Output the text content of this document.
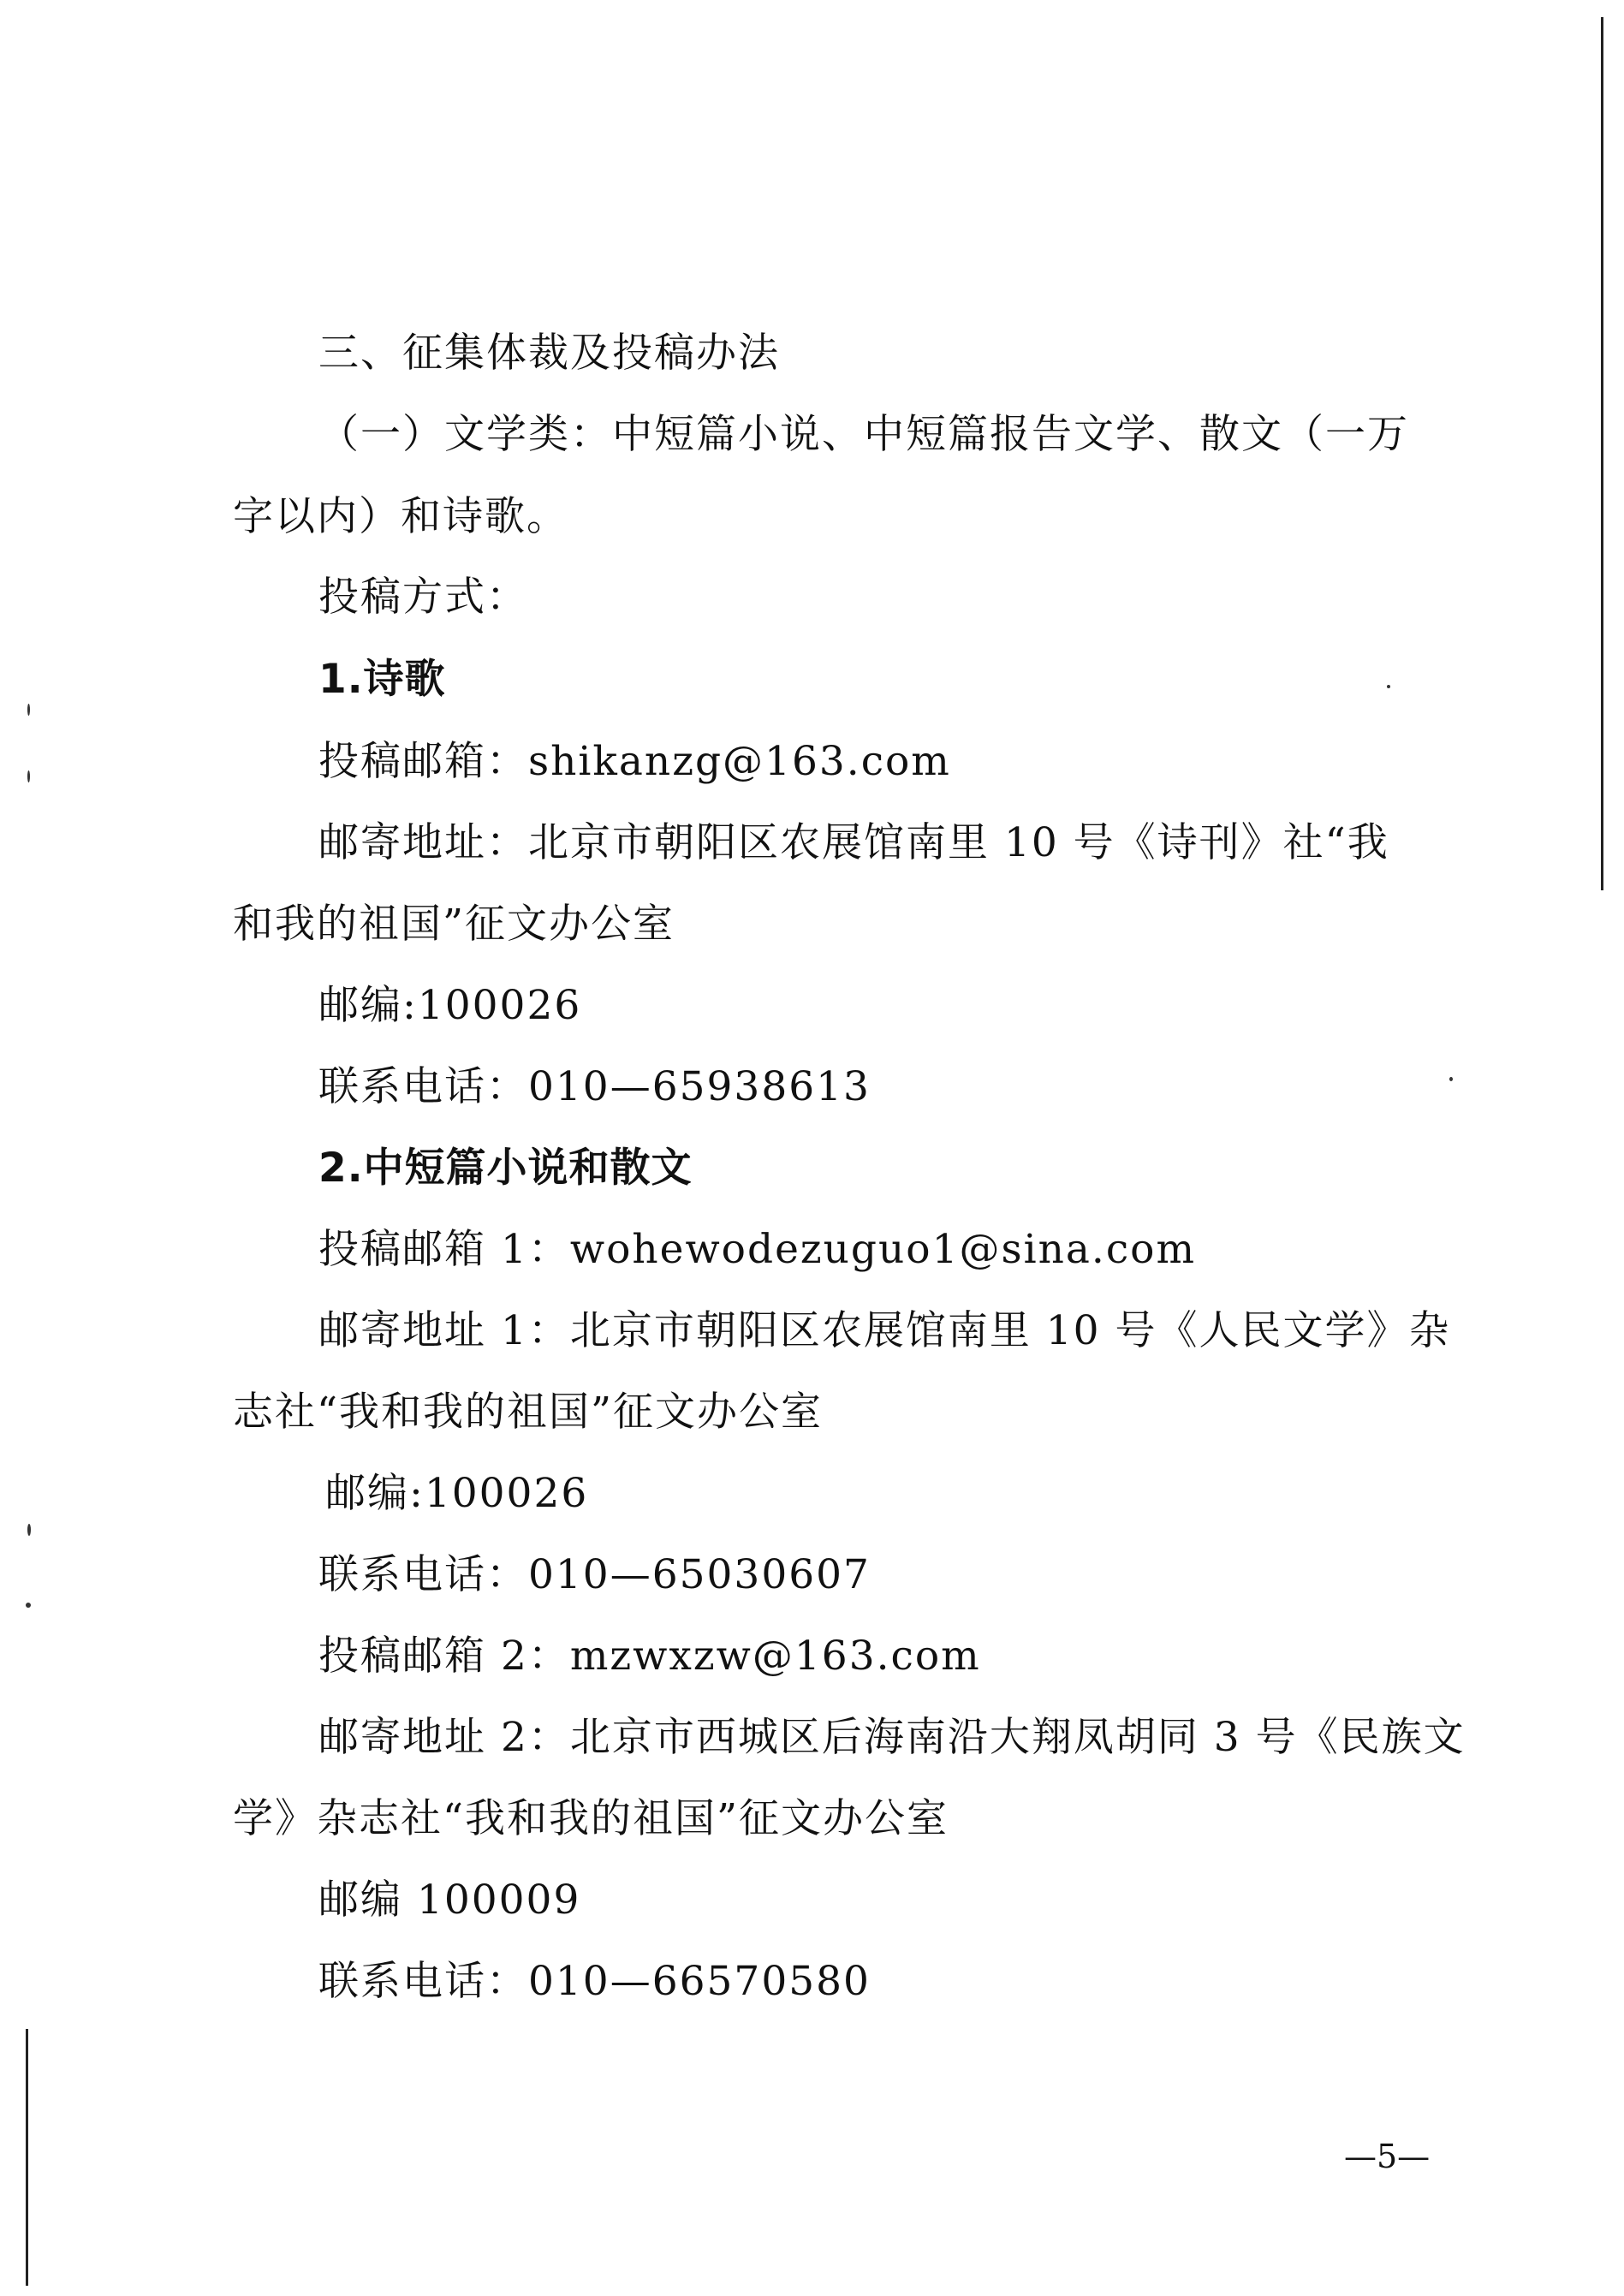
三、征集体裁及投稿办法
（一）文学类：中短篇小说、中短篇报告文学、散文（一万
字以内）和诗歌。
投稿方式：
1.诗歌
投稿邮箱：shikanzg@163.com
邮寄地址：北京市朝阳区农展馆南里 10 号《诗刊》社“我
和我的祖国”征文办公室
邮编:100026
联系电话：010—65938613
2.中短篇小说和散文
投稿邮箱 1：wohewodezuguo1@sina.com
邮寄地址 1：北京市朝阳区农展馆南里 10 号《人民文学》杂
志社“我和我的祖国”征文办公室
邮编:100026
联系电话：010—65030607
投稿邮箱 2：mzwxzw@163.com
邮寄地址 2：北京市西城区后海南沿大翔凤胡同 3 号《民族文
学》杂志社“我和我的祖国”征文办公室
邮编 100009
联系电话：010—66570580
—5—
